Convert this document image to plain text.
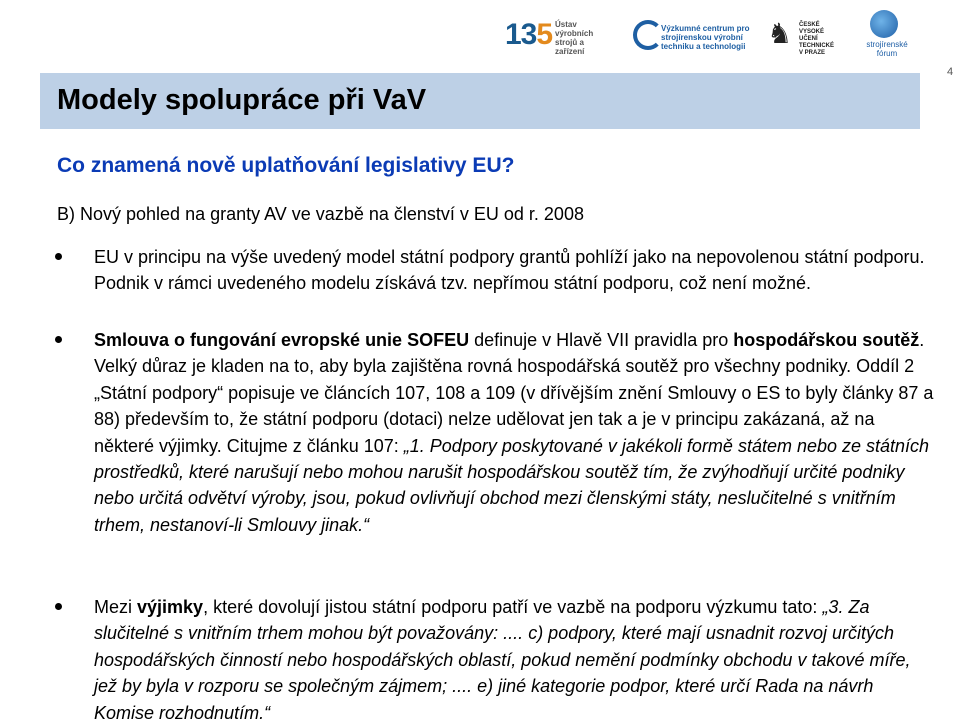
135 Ústav výrobních strojů a zařízení
Výzkumné centrum pro strojírenskou výrobní techniku a technologii ♞	ČESKÉ VYSOKÉ UČENÍ TECHNICKÉ V PRAZE
strojírenské fórum
4
Modely spolupráce při VaV
Co znamená nově uplatňování legislativy EU?

B) Nový pohled na granty AV ve vazbě na členství v EU od r. 2008

EU v principu na výše uvedený model státní podpory grantů pohlíží jako na nepovolenou státní podporu. Podnik v rámci uvedeného modelu získává tzv. nepřímou státní podporu, což není možné.
Smlouva o fungování evropské unie SOFEU definuje v Hlavě VII pravidla pro hospodářskou soutěž. Velký důraz je kladen na to, aby byla zajištěna rovná hospodářská soutěž pro všechny podniky. Oddíl 2 „Státní podpory“ popisuje ve článcích 107, 108 a 109 (v dřívějším znění Smlouvy o ES to byly články 87 a 88) především to, že státní podporu (dotaci) nelze udělovat jen tak a je v principu zakázaná, až na některé výjimky. Citujme z článku 107: „1. Podpory poskytované v jakékoli formě státem nebo ze státních prostředků, které narušují nebo mohou narušit hospodářskou soutěž tím, že zvýhodňují určité podniky nebo určitá odvětví výroby, jsou, pokud ovlivňují obchod mezi členskými státy, neslučitelné s vnitřním trhem, nestanoví-li Smlouvy jinak.“
Mezi výjimky, které dovolují jistou státní podporu patří ve vazbě na podporu výzkumu tato: „3. Za slučitelné s vnitřním trhem mohou být považovány: .... c) podpory, které mají usnadnit rozvoj určitých hospodářských činností nebo hospodářských oblastí, pokud nemění podmínky obchodu v takové míře, jež by byla v rozporu se společným zájmem; .... e) jiné kategorie podpor, které určí Rada na návrh Komise rozhodnutím.“
